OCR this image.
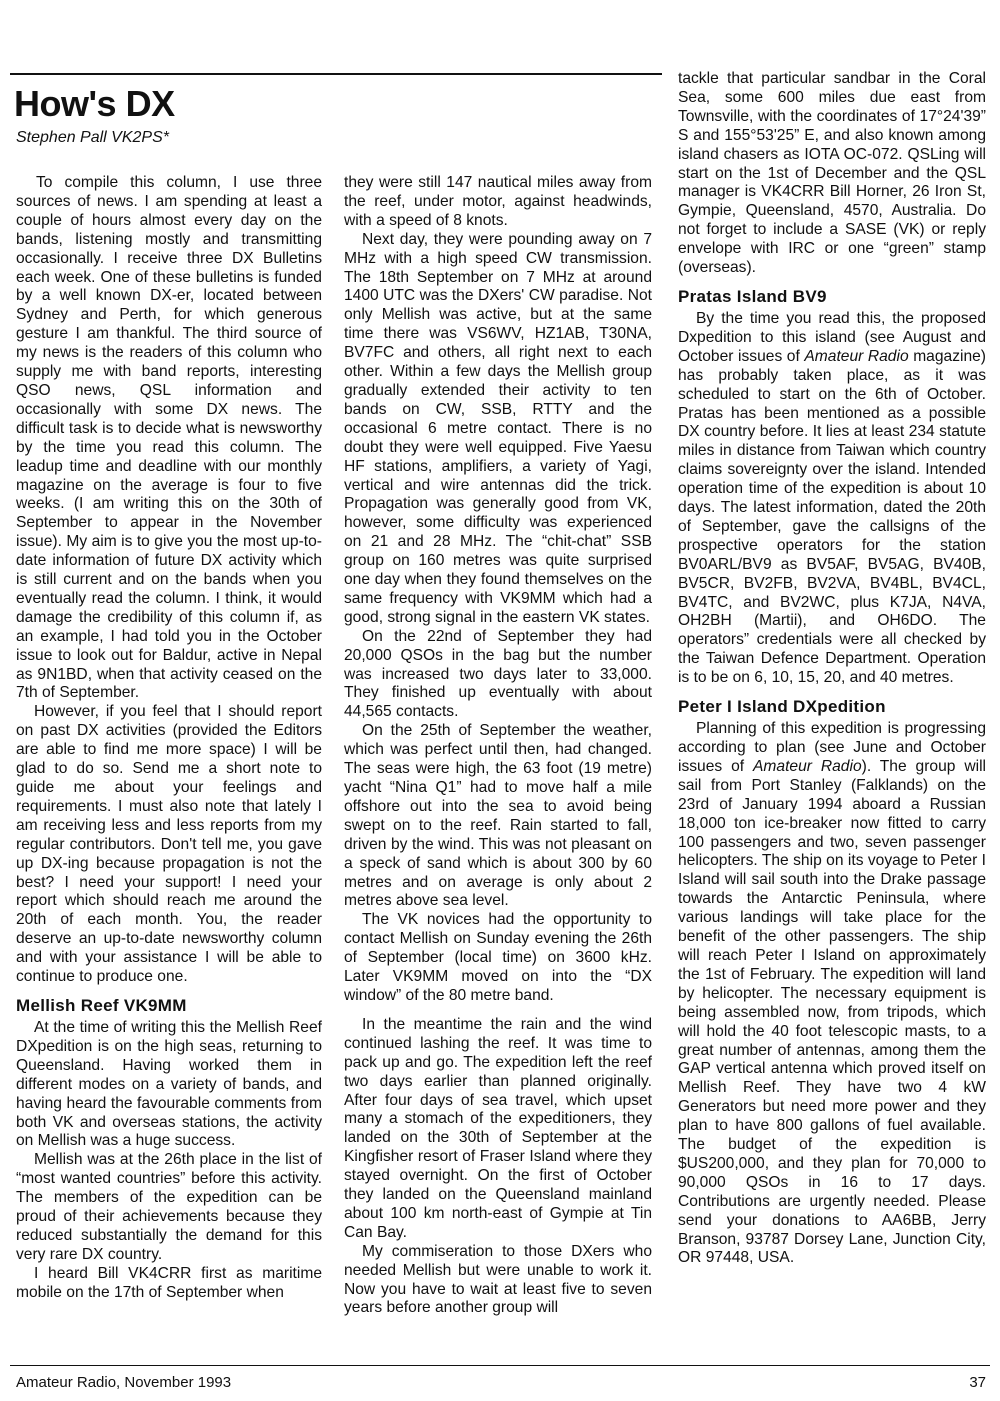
How's DX
Stephen Pall VK2PS*

To compile this column, I use three sources of news. I am spending at least a couple of hours almost every day on the bands, listening mostly and transmitting occasionally. I receive three DX Bulletins each week. One of these bulletins is funded by a well known DX-er, located between Sydney and Perth, for which generous gesture I am thankful. The third source of my news is the readers of this column who supply me with band reports, interesting QSO news, QSL information and occasionally with some DX news. The difficult task is to decide what is newsworthy by the time you read this column. The leadup time and deadline with our monthly magazine on the average is four to five weeks. (I am writing this on the 30th of September to appear in the November issue). My aim is to give you the most up-to-date information of future DX activity which is still current and on the bands when you eventually read the column. I think, it would damage the credibility of this column if, as an example, I had told you in the October issue to look out for Baldur, active in Nepal as 9N1BD, when that activity ceased on the 7th of September.

However, if you feel that I should report on past DX activities (provided the Editors are able to find me more space) I will be glad to do so. Send me a short note to guide me about your feelings and requirements. I must also note that lately I am receiving less and less reports from my regular contributors. Don't tell me, you gave up DX-ing because propagation is not the best? I need your support! I need your report which should reach me around the 20th of each month. You, the reader deserve an up-to-date newsworthy column and with your assistance I will be able to continue to produce one.

Mellish Reef VK9MM

At the time of writing this the Mellish Reef DXpedition is on the high seas, returning to Queensland. Having worked them in different modes on a variety of bands, and having heard the favourable comments from both VK and overseas stations, the activity on Mellish was a huge success.

Mellish was at the 26th place in the list of “most wanted countries” before this activity. The members of the expedition can be proud of their achievements because they reduced substantially the demand for this very rare DX country.

I heard Bill VK4CRR first as maritime mobile on the 17th of September when

they were still 147 nautical miles away from the reef, under motor, against headwinds, with a speed of 8 knots.

Next day, they were pounding away on 7 MHz with a high speed CW transmission. The 18th September on 7 MHz at around 1400 UTC was the DXers' CW paradise. Not only Mellish was active, but at the same time there was VS6WV, HZ1AB, T30NA, BV7FC and others, all right next to each other. Within a few days the Mellish group gradually extended their activity to ten bands on CW, SSB, RTTY and the occasional 6 metre contact. There is no doubt they were well equipped. Five Yaesu HF stations, amplifiers, a variety of Yagi, vertical and wire antennas did the trick. Propagation was generally good from VK, however, some difficulty was experienced on 21 and 28 MHz. The “chit-chat” SSB group on 160 metres was quite surprised one day when they found themselves on the same frequency with VK9MM which had a good, strong signal in the eastern VK states.

On the 22nd of September they had 20,000 QSOs in the bag but the number was increased two days later to 33,000. They finished up eventually with about 44,565 contacts.

On the 25th of September the weather, which was perfect until then, had changed. The seas were high, the 63 foot (19 metre) yacht “Nina Q1” had to move half a mile offshore out into the sea to avoid being swept on to the reef. Rain started to fall, driven by the wind. This was not pleasant on a speck of sand which is about 300 by 60 metres and on average is only about 2 metres above sea level.

The VK novices had the opportunity to contact Mellish on Sunday evening the 26th of September (local time) on 3600 kHz. Later VK9MM moved on into the “DX window” of the 80 metre band.

In the meantime the rain and the wind continued lashing the reef. It was time to pack up and go. The expedition left the reef two days earlier than planned originally. After four days of sea travel, which upset many a stomach of the expeditioners, they landed on the 30th of September at the Kingfisher resort of Fraser Island where they stayed overnight. On the first of October they landed on the Queensland mainland about 100 km north-east of Gympie at Tin Can Bay.

My commiseration to those DXers who needed Mellish but were unable to work it. Now you have to wait at least five to seven years before another group will

tackle that particular sandbar in the Coral Sea, some 600 miles due east from Townsville, with the coordinates of 17°24'39” S and 155°53'25” E, and also known among island chasers as IOTA OC-072. QSLing will start on the 1st of December and the QSL manager is VK4CRR Bill Horner, 26 Iron St, Gympie, Queensland, 4570, Australia. Do not forget to include a SASE (VK) or reply envelope with IRC or one “green” stamp (overseas).

Pratas Island BV9

By the time you read this, the proposed Dxpedition to this island (see August and October issues of Amateur Radio magazine) has probably taken place, as it was scheduled to start on the 6th of October. Pratas has been mentioned as a possible DX country before. It lies at least 234 statute miles in distance from Taiwan which country claims sovereignty over the island. Intended operation time of the expedition is about 10 days. The latest information, dated the 20th of September, gave the callsigns of the prospective operators for the station BV0ARL/BV9 as BV5AF, BV5AG, BV40B, BV5CR, BV2FB, BV2VA, BV4BL, BV4CL, BV4TC, and BV2WC, plus K7JA, N4VA, OH2BH (Martii), and OH6DO. The operators” credentials were all checked by the Taiwan Defence Department. Operation is to be on 6, 10, 15, 20, and 40 metres.

Peter I Island DXpedition

Planning of this expedition is progressing according to plan (see June and October issues of Amateur Radio). The group will sail from Port Stanley (Falklands) on the 23rd of January 1994 aboard a Russian 18,000 ton ice-breaker now fitted to carry 100 passengers and two, seven passenger helicopters. The ship on its voyage to Peter I Island will sail south into the Drake passage towards the Antarctic Peninsula, where various landings will take place for the benefit of the other passengers. The ship will reach Peter I Island on approximately the 1st of February. The expedition will land by helicopter. The necessary equipment is being assembled now, from tripods, which will hold the 40 foot telescopic masts, to a great number of antennas, among them the GAP vertical antenna which proved itself on Mellish Reef. They have two 4 kW Generators but need more power and they plan to have 800 gallons of fuel available. The budget of the expedition is $US200,000, and they plan for 70,000 to 90,000 QSOs in 16 to 17 days. Contributions are urgently needed. Please send your donations to AA6BB, Jerry Branson, 93787 Dorsey Lane, Junction City, OR 97448, USA.

Amateur Radio, November 1993	37
